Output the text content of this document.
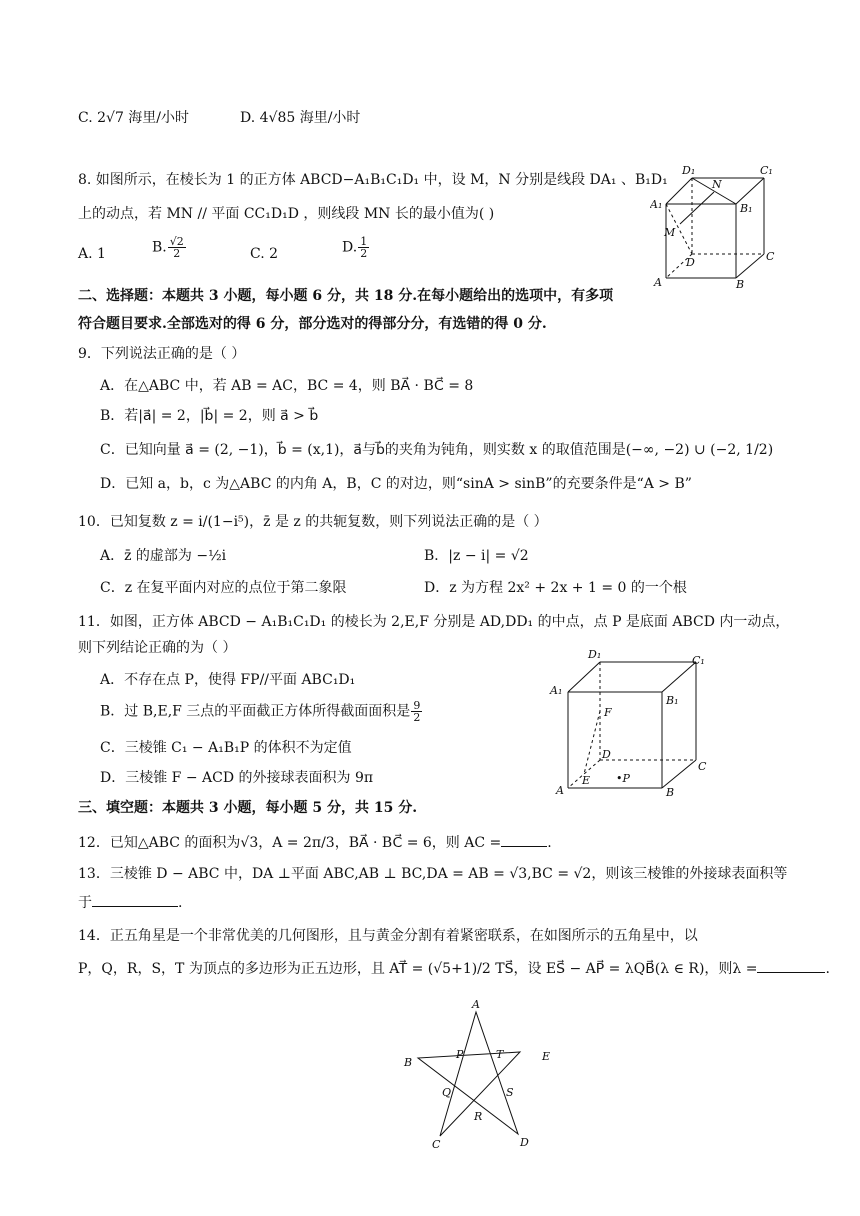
C. 2√7 海里/小时	D. 4√85 海里/小时
8. 如图所示，在棱长为 1 的正方体 ABCD−A₁B₁C₁D₁ 中，设 M，N 分别是线段 DA₁ 、B₁D₁
上的动点，若 MN // 平面 CC₁D₁D ，则线段 MN 长的最小值为( )
A. 1	B. $\frac{√2}{2}$	C. 2	D. $\frac{1}{2}$
D₁	C₁
N
A₁	B₁
M
D	C
A	B
二、选择题：本题共 3 小题，每小题 6 分，共 18 分.在每小题给出的选项中，有多项
符合题目要求.全部选对的得 6 分，部分选对的得部分分，有选错的得 0 分.
9．下列说法正确的是（ ）
A．在△ABC 中，若 AB = AC，BC = 4，则 BA⃗ · BC⃗ = 8
B．若|a⃗| = 2，|b⃗| = 2，则 a⃗ > b⃗
C．已知向量 a⃗ = (2, −1)，b⃗ = (x,1)，a⃗与b⃗的夹角为钝角，则实数 x 的取值范围是(−∞, −2) ∪ (−2, 1/2)
D．已知 a，b，c 为△ABC 的内角 A，B，C 的对边，则“sinA > sinB”的充要条件是“A > B”
10．已知复数 z = i/(1−i⁵)，z̄ 是 z 的共轭复数，则下列说法正确的是（ ）
A．z̄ 的虚部为 −½i	B．|z − i| = √2
C．z 在复平面内对应的点位于第二象限	D．z 为方程 2x² + 2x + 1 = 0 的一个根
11．如图，正方体 ABCD − A₁B₁C₁D₁ 的棱长为 2,E,F 分别是 AD,DD₁ 的中点，点 P 是底面 ABCD 内一动点，
则下列结论正确的为（ ）
A．不存在点 P，使得 FP//平面 ABC₁D₁
B．过 B,E,F 三点的平面截正方体所得截面面积是 $\frac{9}{2}$
C．三棱锥 C₁ − A₁B₁P 的体积不为定值
D．三棱锥 F − ACD 的外接球表面积为 9π
D₁	C₁
A₁
B₁
F
D
C
E •P
A	B
三、填空题：本题共 3 小题，每小题 5 分，共 15 分.
12．已知△ABC 的面积为√3，A = 2π/3，BA⃗ · BC⃗ = 6，则 AC =	.
13．三棱锥 D − ABC 中，DA ⊥平面 ABC,AB ⊥ BC,DA = AB = √3,BC = √2，则该三棱锥的外接球表面积等
于	.
14．正五角星是一个非常优美的几何图形，且与黄金分割有着紧密联系，在如图所示的五角星中，以
P，Q，R，S，T 为顶点的多边形为正五边形，且 AT⃗ = (√5+1)/2 TS⃗，设 ES⃗ − AP⃗ = λQB⃗(λ ∈ R)，则λ =	.
A
B
P	T	E
Q	S
R
C	D
